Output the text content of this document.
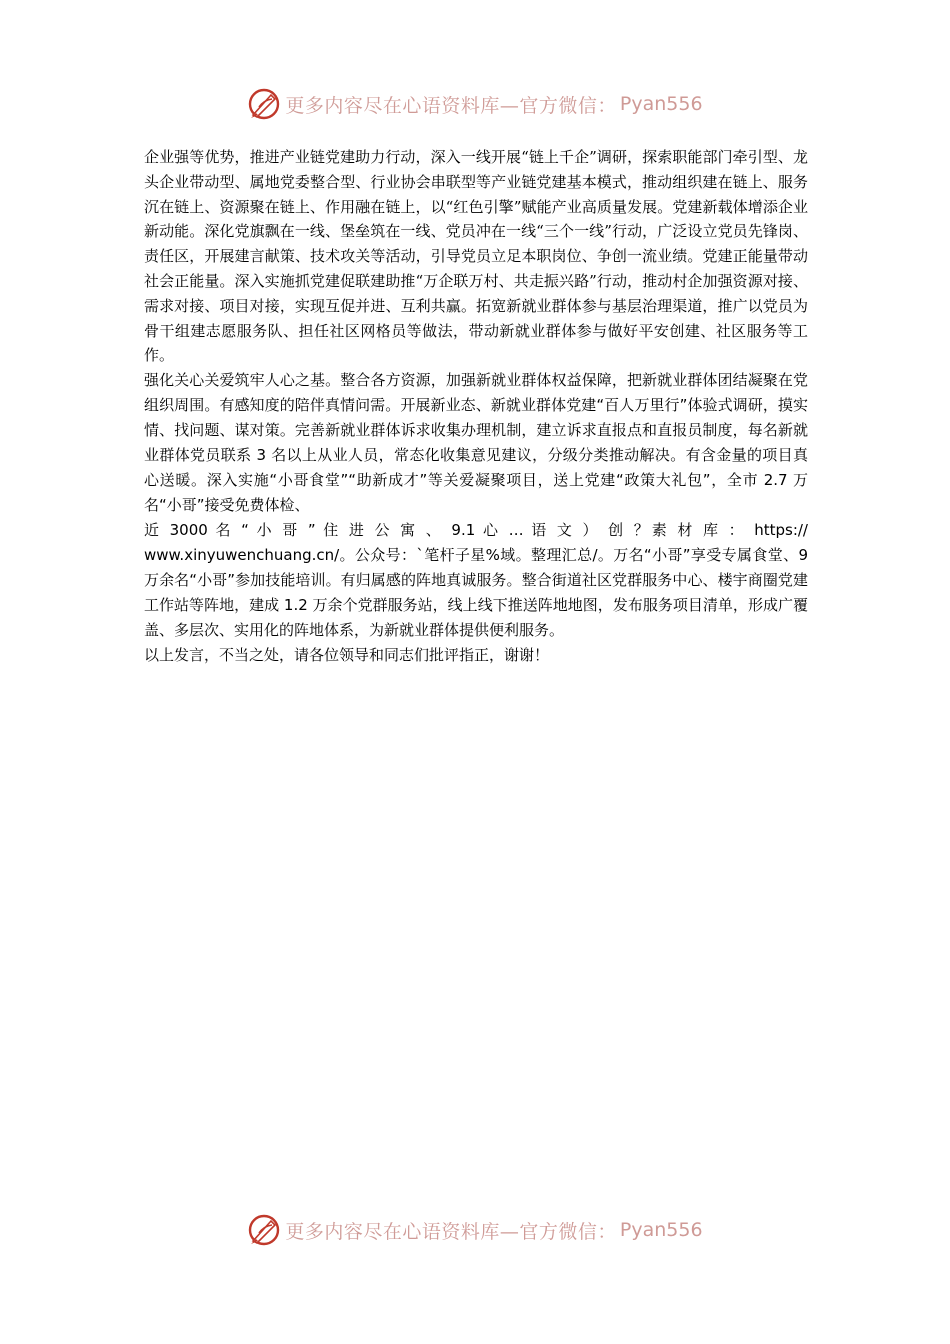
更多内容尽在心语资料库—官方微信： Pyan556

企业强等优势，推进产业链党建助力行动，深入一线开展“链上千企”调研，探索职能部门牵引型、龙头企业带动型、属地党委整合型、行业协会串联型等产业链党建基本模式，推动组织建在链上、服务沉在链上、资源聚在链上、作用融在链上，以“红色引擎”赋能产业高质量发展。党建新载体增添企业新动能。深化党旗飘在一线、堡垒筑在一线、党员冲在一线“三个一线”行动，广泛设立党员先锋岗、责任区，开展建言献策、技术攻关等活动，引导党员立足本职岗位、争创一流业绩。党建正能量带动社会正能量。深入实施抓党建促联建助推“万企联万村、共走振兴路”行动，推动村企加强资源对接、需求对接、项目对接，实现互促并进、互利共赢。拓宽新就业群体参与基层治理渠道，推广以党员为骨干组建志愿服务队、担任社区网格员等做法，带动新就业群体参与做好平安创建、社区服务等工作。

强化关心关爱筑牢人心之基。整合各方资源，加强新就业群体权益保障，把新就业群体团结凝聚在党组织周围。有感知度的陪伴真情问需。开展新业态、新就业群体党建“百人万里行”体验式调研，摸实情、找问题、谋对策。完善新就业群体诉求收集办理机制，建立诉求直报点和直报员制度，每名新就业群体党员联系 3 名以上从业人员，常态化收集意见建议，分级分类推动解决。有含金量的项目真心送暖。深入实施“小哥食堂”“助新成才”等关爱凝聚项目，送上党建“政策大礼包”，全市 2.7 万名“小哥”接受免费体检、

近 3000 名 “ 小 哥 ” 住 进 公 寓 、 9.1 心 … 语 文 ） 创 ？素 材 库 ： https://

www.xinyuwenchuang.cn/。公众号：`笔杆子星%域。整理汇总/。万名“小哥”享受专属食堂、9 万余名“小哥”参加技能培训。有归属感的阵地真诚服务。整合街道社区党群服务中心、楼宇商圈党建工作站等阵地，建成 1.2 万余个党群服务站，线上线下推送阵地地图，发布服务项目清单，形成广覆盖、多层次、实用化的阵地体系，为新就业群体提供便利服务。

以上发言，不当之处，请各位领导和同志们批评指正，谢谢！

更多内容尽在心语资料库—官方微信： Pyan556
